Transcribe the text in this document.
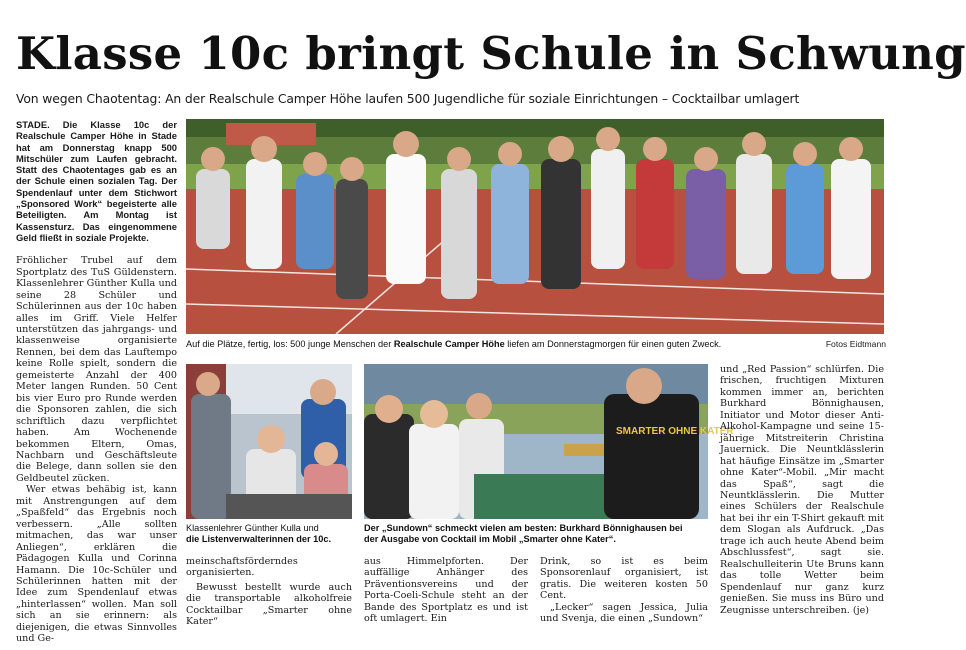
Klasse 10c bringt Schule in Schwung
Von wegen Chaotentag: An der Realschule Camper Höhe laufen 500 Jugendliche für soziale Einrichtungen – Cocktailbar umlagert
Auf die Plätze, fertig, los: 500 junge Menschen der Realschule Camper Höhe liefen am Donnerstagmorgen für einen guten Zweck.	Fotos Eidtmann

STADE. Die Klasse 10c der Realschule Camper Höhe in Stade hat am Donnerstag knapp 500 Mitschüler zum Laufen gebracht. Statt des Chaotentages gab es an der Schule einen sozialen Tag. Der Spendenlauf unter dem Stichwort „Sponsored Work“ begeisterte alle Beteiligten. Am Montag ist Kassensturz. Das eingenommene Geld fließt in soziale Projekte.

Fröhlicher Trubel auf dem Sportplatz des TuS Güldenstern. Klassenlehrer Günther Kulla und seine 28 Schüler und Schülerinnen aus der 10c haben alles im Griff. Viele Helfer unterstützen das jahrgangs- und klassenweise organisierte Rennen, bei dem das Lauftempo keine Rolle spielt, sondern die gemeisterte Anzahl der 400 Meter langen Runden. 50 Cent bis vier Euro pro Runde werden die Sponsoren zahlen, die sich schriftlich dazu verpflichtet haben. Am Wochenende bekommen Eltern, Omas, Nachbarn und Geschäftsleute die Belege, dann sollen sie den Geldbeutel zücken.

Wer etwas behäbig ist, kann mit Anstrengungen auf dem „Spaßfeld“ das Ergebnis noch verbessern. „Alle sollten mitmachen, das war unser Anliegen“, erklären die Pädagogen Kulla und Corinna Hamann. Die 10c-Schüler und Schülerinnen hatten mit der Idee zum Spendenlauf etwas „hinterlassen“ wollen. Man soll sich an sie erinnern: als diejenigen, die etwas Sinnvolles und Ge-

Klassenlehrer Günther Kulla und
die Listenverwalterinnen der 10c.
SMARTER OHNE KATER
Der „Sundown“ schmeckt vielen am besten: Burkhard Bönnighausen bei
der Ausgabe von Cocktail im Mobil „Smarter ohne Kater“.

meinschaftsförderndes organisierten.

Bewusst bestellt wurde auch die transportable alkoholfreie Cocktailbar „Smarter ohne Kater“

aus Himmelpforten. Der auffällige Anhänger des Präventionsvereins und der Porta-Coeli-Schule steht an der Bande des Sportplatz es und ist oft umlagert. Ein

Drink, so ist es beim Sponsorenlauf organisiert, ist gratis. Die weiteren kosten 50 Cent.

„Lecker“ sagen Jessica, Julia und Svenja, die einen „Sundown“

und „Red Passion“ schlürfen. Die frischen, fruchtigen Mixturen kommen immer an, berichten Burkhard Bönnighausen, Initiator und Motor dieser Anti-Alkohol-Kampagne und seine 15-jährige Mitstreiterin Christina Jauernick. Die Neuntklässlerin hat häufige Einsätze im „Smarter ohne Kater“-Mobil. „Mir macht das Spaß“, sagt die Neuntklässlerin. Die Mutter eines Schülers der Realschule hat bei ihr ein T-Shirt gekauft mit dem Slogan als Aufdruck. „Das trage ich auch heute Abend beim Abschlussfest“, sagt sie. Realschulleiterin Ute Bruns kann das tolle Wetter beim Spendenlauf nur ganz kurz genießen. Sie muss ins Büro und Zeugnisse unterschreiben. (je)
